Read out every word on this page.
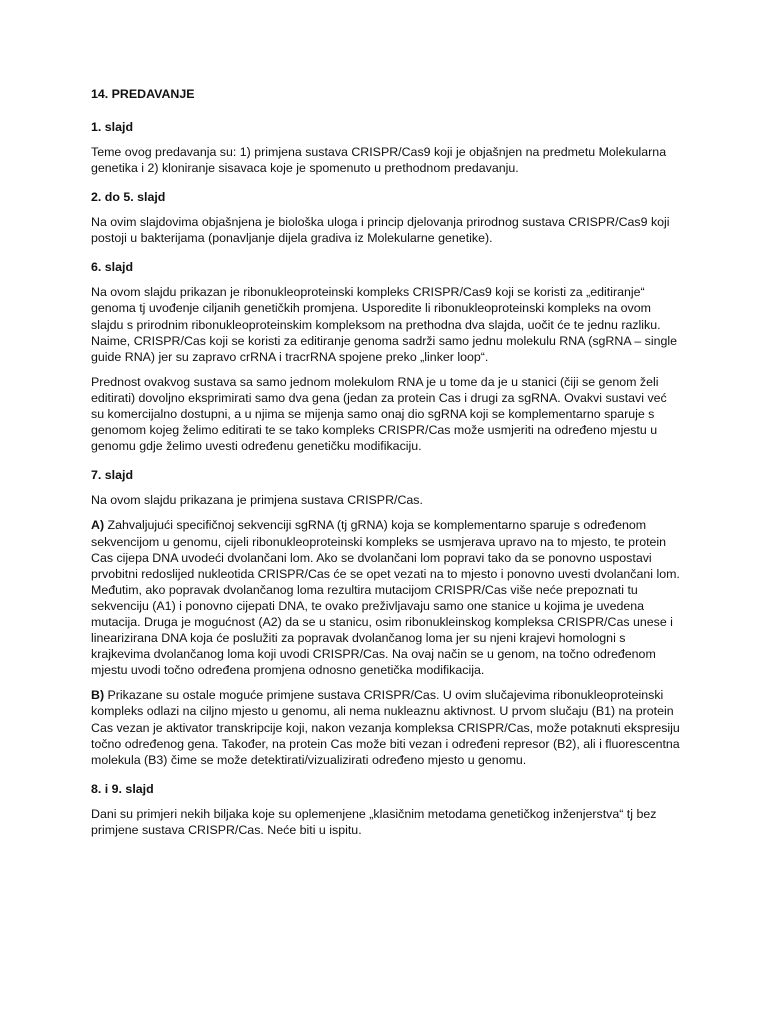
14. PREDAVANJE

1. slajd

Teme ovog predavanja su: 1) primjena sustava CRISPR/Cas9 koji je objašnjen na predmetu Molekularna genetika i 2) kloniranje sisavaca koje je spomenuto u prethodnom predavanju.

2. do 5. slajd

Na ovim slajdovima objašnjena je biološka uloga i princip djelovanja prirodnog sustava CRISPR/Cas9 koji postoji u bakterijama (ponavljanje dijela gradiva iz Molekularne genetike).

6. slajd

Na ovom slajdu prikazan je ribonukleoproteinski kompleks CRISPR/Cas9 koji se koristi za „editiranje“ genoma tj uvođenje ciljanih genetičkih promjena. Usporedite li ribonukleoproteinski kompleks na ovom slajdu s prirodnim ribonukleoproteinskim kompleksom na prethodna dva slajda, uočit će te jednu razliku. Naime, CRISPR/Cas koji se koristi za editiranje genoma sadrži samo jednu molekulu RNA (sgRNA – single guide RNA) jer su zapravo crRNA i tracrRNA spojene preko „linker loop“.

Prednost ovakvog sustava sa samo jednom molekulom RNA je u tome da je u stanici (čiji se genom želi editirati) dovoljno eksprimirati samo dva gena (jedan za protein Cas i drugi za sgRNA. Ovakvi sustavi već su komercijalno dostupni, a u njima se mijenja samo onaj dio sgRNA koji se komplementarno sparuje s genomom kojeg želimo editirati te se tako kompleks CRISPR/Cas može usmjeriti na određeno mjestu u genomu gdje želimo uvesti određenu genetičku modifikaciju.

7. slajd

Na ovom slajdu prikazana je primjena sustava CRISPR/Cas.

A) Zahvaljujući specifičnoj sekvenciji sgRNA (tj gRNA) koja se komplementarno sparuje s određenom sekvencijom u genomu, cijeli ribonukleoproteinski kompleks se usmjerava upravo na to mjesto, te protein Cas cijepa DNA uvodeći dvolančani lom. Ako se dvolančani lom popravi tako da se ponovno uspostavi prvobitni redoslijed nukleotida CRISPR/Cas će se opet vezati na to mjesto i ponovno uvesti dvolančani lom. Međutim, ako popravak dvolančanog loma rezultira mutacijom CRISPR/Cas više neće prepoznati tu sekvenciju (A1) i ponovno cijepati DNA, te ovako preživljavaju samo one stanice u kojima je uvedena mutacija. Druga je mogućnost (A2) da se u stanicu, osim ribonukleinskog kompleksa CRISPR/Cas unese i linearizirana DNA koja će poslužiti za popravak dvolančanog loma jer su njeni krajevi homologni s krajkevima dvolančanog loma koji uvodi CRISPR/Cas. Na ovaj način se u genom, na točno određenom mjestu uvodi točno određena promjena odnosno genetička modifikacija.

B) Prikazane su ostale moguće primjene sustava CRISPR/Cas. U ovim slučajevima ribonukleoproteinski kompleks odlazi na ciljno mjesto u genomu, ali nema nukleaznu aktivnost. U prvom slučaju (B1) na protein Cas vezan je aktivator transkripcije koji, nakon vezanja kompleksa CRISPR/Cas, može potaknuti ekspresiju točno određenog gena. Također, na protein Cas može biti vezan i određeni represor (B2), ali i fluorescentna molekula (B3) čime se može detektirati/vizualizirati određeno mjesto u genomu.

8. i 9. slajd

Dani su primjeri nekih biljaka koje su oplemenjene „klasičnim metodama genetičkog inženjerstva“ tj bez primjene sustava CRISPR/Cas. Neće biti u ispitu.
